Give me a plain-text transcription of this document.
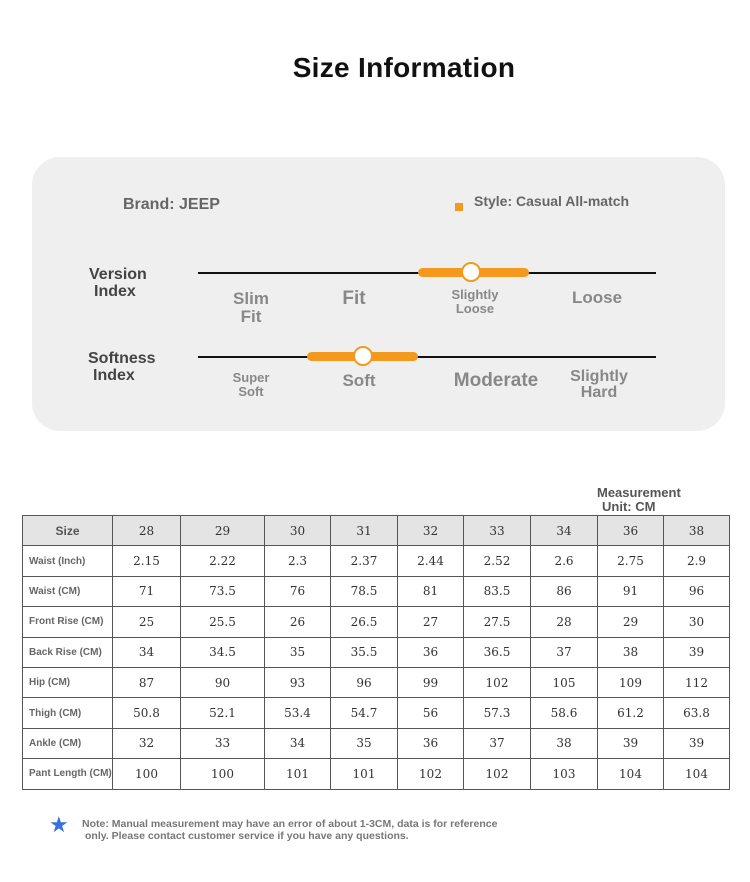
Size Information
Brand: JEEP	Style: Casual All-match
Version
Index	Slim
Fit
Fit	Slightly
Loose
Loose
Softness
Index	Super
Soft
Soft	Moderate	Slightly
Hard
Measurement
Unit: CM
Size	28	29	30	31	32	33	34	36	38
Waist (Inch)	2.15	2.22	2.3	2.37	2.44	2.52	2.6	2.75	2.9
Waist (CM)	71	73.5	76	78.5	81	83.5	86	91	96
Front Rise (CM)	25	25.5	26	26.5	27	27.5	28	29	30
Back Rise (CM)	34	34.5	35	35.5	36	36.5	37	38	39
Hip (CM)	87	90	93	96	99	102	105	109	112
Thigh (CM)	50.8	52.1	53.4	54.7	56	57.3	58.6	61.2	63.8
Ankle (CM)	32	33	34	35	36	37	38	39	39
Pant Length (CM)	100	100	101	101	102	102	103	104	104
★ Note: Manual measurement may have an error of about 1-3CM, data is for reference
only. Please contact customer service if you have any questions.
